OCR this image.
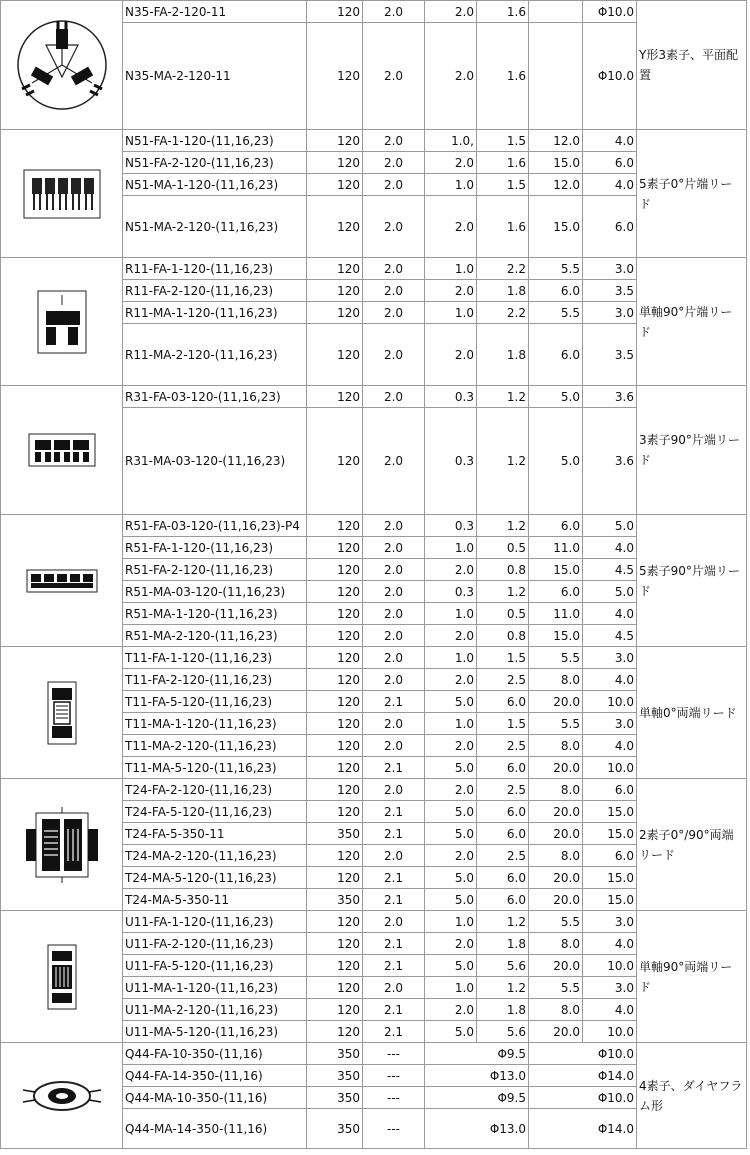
	N35-FA-2-120-11	120	2.0	2.0	1.6		Φ10.0	Y形3素子、平面配置
	N35-MA-2-120-11	120	2.0	2.0	1.6		Φ10.0	

	N51-FA-1-120-(11,16,23)	120	2.0	1.0,	1.5	12.0	4.0	5素子0°片端リード
	N51-FA-2-120-(11,16,23)	120	2.0	2.0	1.6	15.0	6.0	
	N51-MA-1-120-(11,16,23)	120	2.0	1.0	1.5	12.0	4.0	
	N51-MA-2-120-(11,16,23)	120	2.0	2.0	1.6	15.0	6.0	

	R11-FA-1-120-(11,16,23)	120	2.0	1.0	2.2	5.5	3.0	単軸90°片端リード
	R11-FA-2-120-(11,16,23)	120	2.0	2.0	1.8	6.0	3.5	
	R11-MA-1-120-(11,16,23)	120	2.0	1.0	2.2	5.5	3.0	
	R11-MA-2-120-(11,16,23)	120	2.0	2.0	1.8	6.0	3.5	

	R31-FA-03-120-(11,16,23)	120	2.0	0.3	1.2	5.0	3.6	3素子90°片端リード
	R31-MA-03-120-(11,16,23)	120	2.0	0.3	1.2	5.0	3.6	

	R51-FA-03-120-(11,16,23)-P4	120	2.0	0.3	1.2	6.0	5.0	5素子90°片端リード
	R51-FA-1-120-(11,16,23)	120	2.0	1.0	0.5	11.0	4.0	
	R51-FA-2-120-(11,16,23)	120	2.0	2.0	0.8	15.0	4.5	
	R51-MA-03-120-(11,16,23)	120	2.0	0.3	1.2	6.0	5.0	
	R51-MA-1-120-(11,16,23)	120	2.0	1.0	0.5	11.0	4.0	
	R51-MA-2-120-(11,16,23)	120	2.0	2.0	0.8	15.0	4.5	

	T11-FA-1-120-(11,16,23)	120	2.0	1.0	1.5	5.5	3.0	単軸0°両端リード
	T11-FA-2-120-(11,16,23)	120	2.0	2.0	2.5	8.0	4.0	
	T11-FA-5-120-(11,16,23)	120	2.1	5.0	6.0	20.0	10.0	
	T11-MA-1-120-(11,16,23)	120	2.0	1.0	1.5	5.5	3.0	
	T11-MA-2-120-(11,16,23)	120	2.0	2.0	2.5	8.0	4.0	
	T11-MA-5-120-(11,16,23)	120	2.1	5.0	6.0	20.0	10.0	

	T24-FA-2-120-(11,16,23)	120	2.0	2.0	2.5	8.0	6.0	2素子0°/90°両端リード
	T24-FA-5-120-(11,16,23)	120	2.1	5.0	6.0	20.0	15.0	
	T24-FA-5-350-11	350	2.1	5.0	6.0	20.0	15.0	
	T24-MA-2-120-(11,16,23)	120	2.0	2.0	2.5	8.0	6.0	
	T24-MA-5-120-(11,16,23)	120	2.1	5.0	6.0	20.0	15.0	
	T24-MA-5-350-11	350	2.1	5.0	6.0	20.0	15.0	

	U11-FA-1-120-(11,16,23)	120	2.0	1.0	1.2	5.5	3.0	単軸90°両端リード
	U11-FA-2-120-(11,16,23)	120	2.1	2.0	1.8	8.0	4.0	
	U11-FA-5-120-(11,16,23)	120	2.1	5.0	5.6	20.0	10.0	
	U11-MA-1-120-(11,16,23)	120	2.0	1.0	1.2	5.5	3.0	
	U11-MA-2-120-(11,16,23)	120	2.1	2.0	1.8	8.0	4.0	
	U11-MA-5-120-(11,16,23)	120	2.1	5.0	5.6	20.0	10.0	

	Q44-FA-10-350-(11,16)	350	---	Φ9.5		Φ10.0		4素子、ダイヤフラム形
	Q44-FA-14-350-(11,16)	350	---	Φ13.0		Φ14.0		
	Q44-MA-10-350-(11,16)	350	---	Φ9.5		Φ10.0		
	Q44-MA-14-350-(11,16)	350	---	Φ13.0		Φ14.0		
